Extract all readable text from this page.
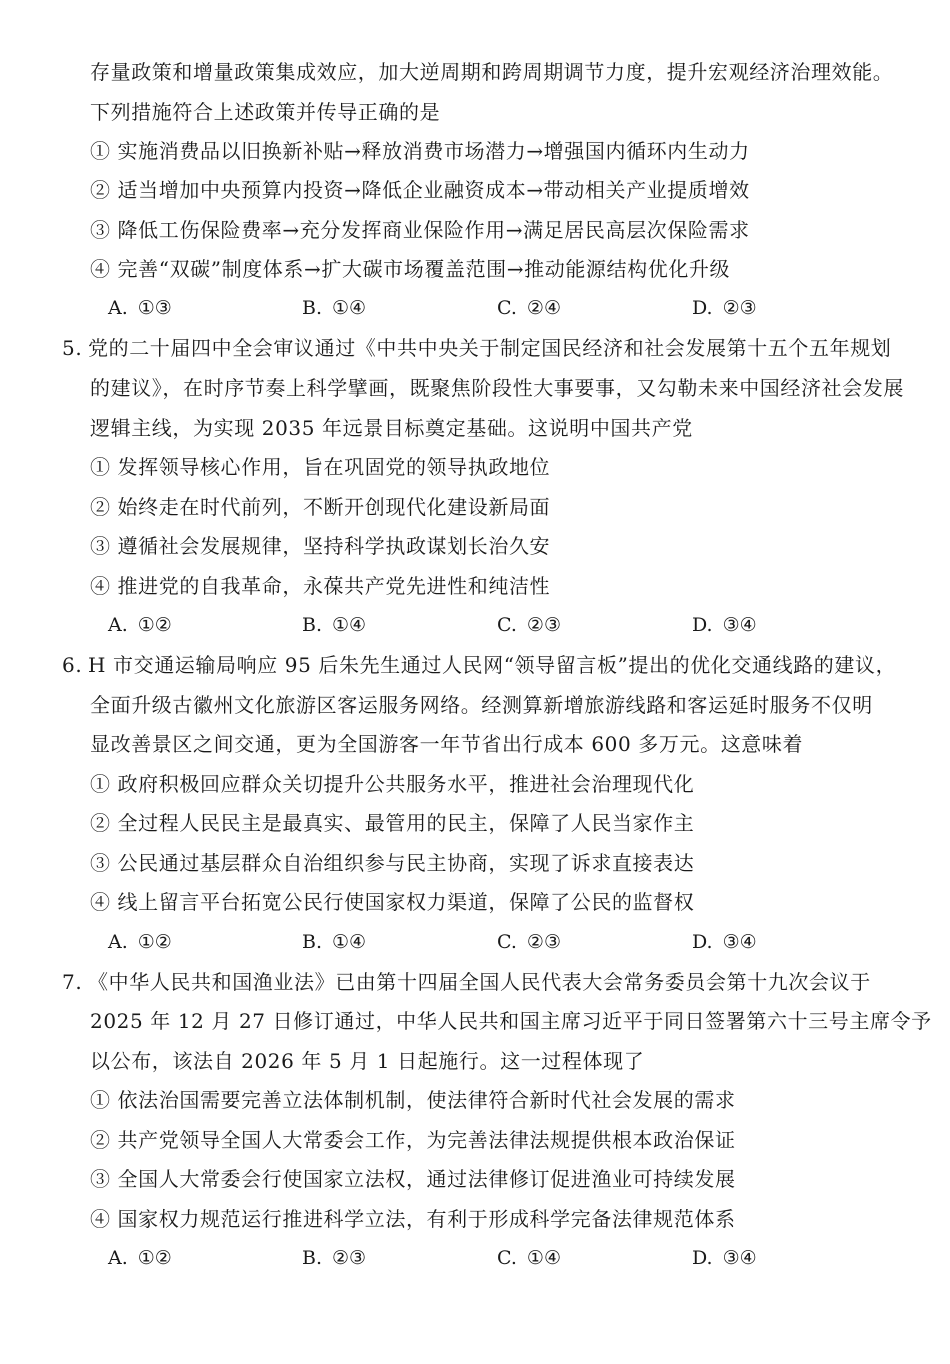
存量政策和增量政策集成效应，加大逆周期和跨周期调节力度，提升宏观经济治理效能。
下列措施符合上述政策并传导正确的是
① 实施消费品以旧换新补贴→释放消费市场潜力→增强国内循环内生动力
② 适当增加中央预算内投资→降低企业融资成本→带动相关产业提质增效
③ 降低工伤保险费率→充分发挥商业保险作用→满足居民高层次保险需求
④ 完善“双碳”制度体系→扩大碳市场覆盖范围→推动能源结构优化升级
A. ①③	B. ①④	C. ②④	D. ②③
5. 党的二十届四中全会审议通过《中共中央关于制定国民经济和社会发展第十五个五年规划
的建议》，在时序节奏上科学擘画，既聚焦阶段性大事要事，又勾勒未来中国经济社会发展
逻辑主线，为实现 2035 年远景目标奠定基础。这说明中国共产党
① 发挥领导核心作用，旨在巩固党的领导执政地位
② 始终走在时代前列，不断开创现代化建设新局面
③ 遵循社会发展规律，坚持科学执政谋划长治久安
④ 推进党的自我革命，永葆共产党先进性和纯洁性
A. ①②	B. ①④	C. ②③	D. ③④
6. H 市交通运输局响应 95 后朱先生通过人民网“领导留言板”提出的优化交通线路的建议，
全面升级古徽州文化旅游区客运服务网络。经测算新增旅游线路和客运延时服务不仅明
显改善景区之间交通，更为全国游客一年节省出行成本 600 多万元。这意味着
① 政府积极回应群众关切提升公共服务水平，推进社会治理现代化
② 全过程人民民主是最真实、最管用的民主，保障了人民当家作主
③ 公民通过基层群众自治组织参与民主协商，实现了诉求直接表达
④ 线上留言平台拓宽公民行使国家权力渠道，保障了公民的监督权
A. ①②	B. ①④	C. ②③	D. ③④
7. 《中华人民共和国渔业法》已由第十四届全国人民代表大会常务委员会第十九次会议于
2025 年 12 月 27 日修订通过，中华人民共和国主席习近平于同日签署第六十三号主席令予
以公布，该法自 2026 年 5 月 1 日起施行。这一过程体现了
① 依法治国需要完善立法体制机制，使法律符合新时代社会发展的需求
② 共产党领导全国人大常委会工作，为完善法律法规提供根本政治保证
③ 全国人大常委会行使国家立法权，通过法律修订促进渔业可持续发展
④ 国家权力规范运行推进科学立法，有利于形成科学完备法律规范体系
A. ①②	B. ②③	C. ①④	D. ③④
